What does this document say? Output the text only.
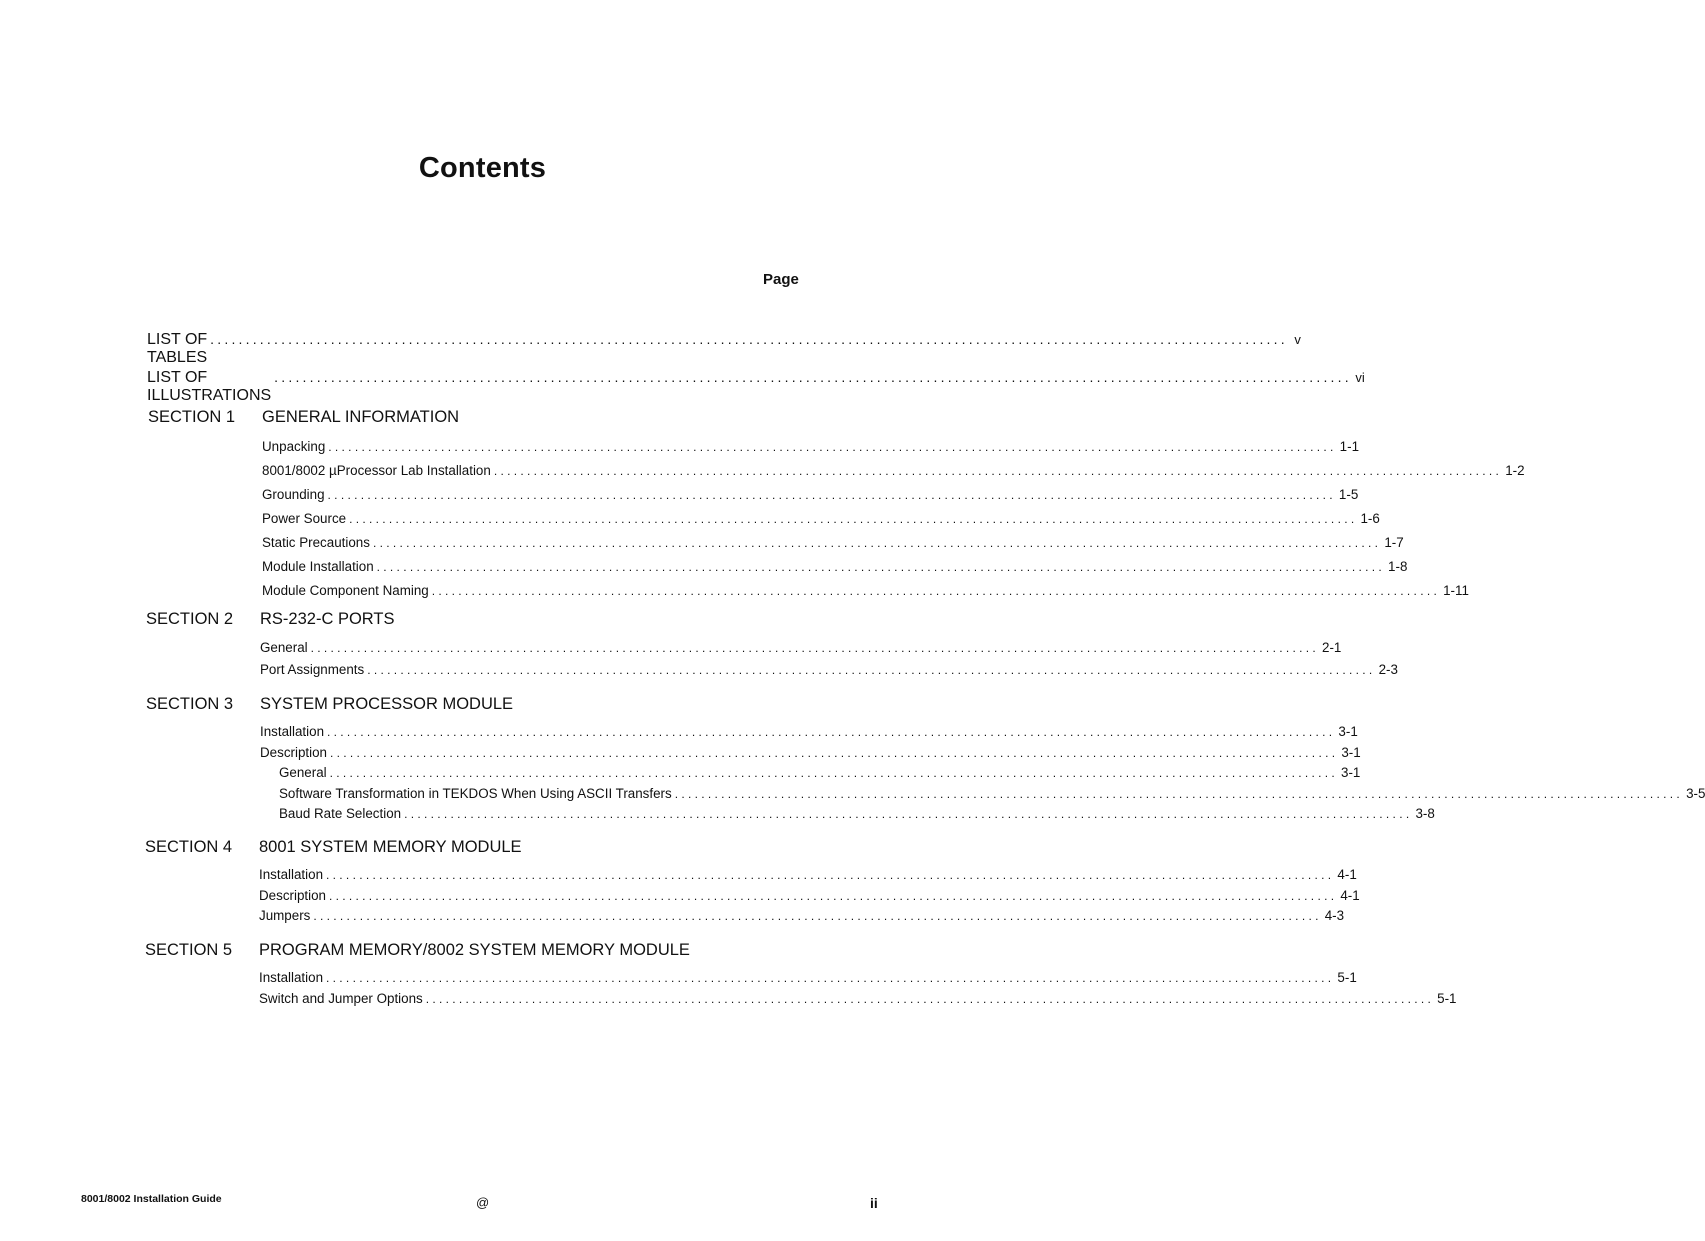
Contents
Page
LIST OF TABLES
........................................................................................................................................................ v
LIST OF ILLUSTRATIONS
........................................................................................................................................................ vi
SECTION 1	GENERAL INFORMATION
Unpacking ........................................................................................................................................................ 1-1
8001/8002 µProcessor Lab Installation ........................................................................................................................................................ 1-2
Grounding ........................................................................................................................................................ 1-5
Power Source ........................................................................................................................................................ 1-6
Static Precautions ........................................................................................................................................................ 1-7
Module Installation ........................................................................................................................................................ 1-8
Module Component Naming ........................................................................................................................................................ 1-11
SECTION 2	RS-232-C PORTS
General ........................................................................................................................................................ 2-1
Port Assignments ........................................................................................................................................................ 2-3
SECTION 3	SYSTEM PROCESSOR MODULE
Installation ........................................................................................................................................................ 3-1
Description ........................................................................................................................................................ 3-1
General ........................................................................................................................................................ 3-1
Software Transformation in TEKDOS When Using ASCII Transfers ........................................................................................................................................................ 3-5
Baud Rate Selection ........................................................................................................................................................ 3-8
SECTION 4	8001 SYSTEM MEMORY MODULE
Installation ........................................................................................................................................................ 4-1
Description ........................................................................................................................................................ 4-1
Jumpers ........................................................................................................................................................ 4-3
SECTION 5	PROGRAM MEMORY/8002 SYSTEM MEMORY MODULE
Installation ........................................................................................................................................................ 5-1
Switch and Jumper Options ........................................................................................................................................................ 5-1
8001/8002 Installation Guide	@	ii
